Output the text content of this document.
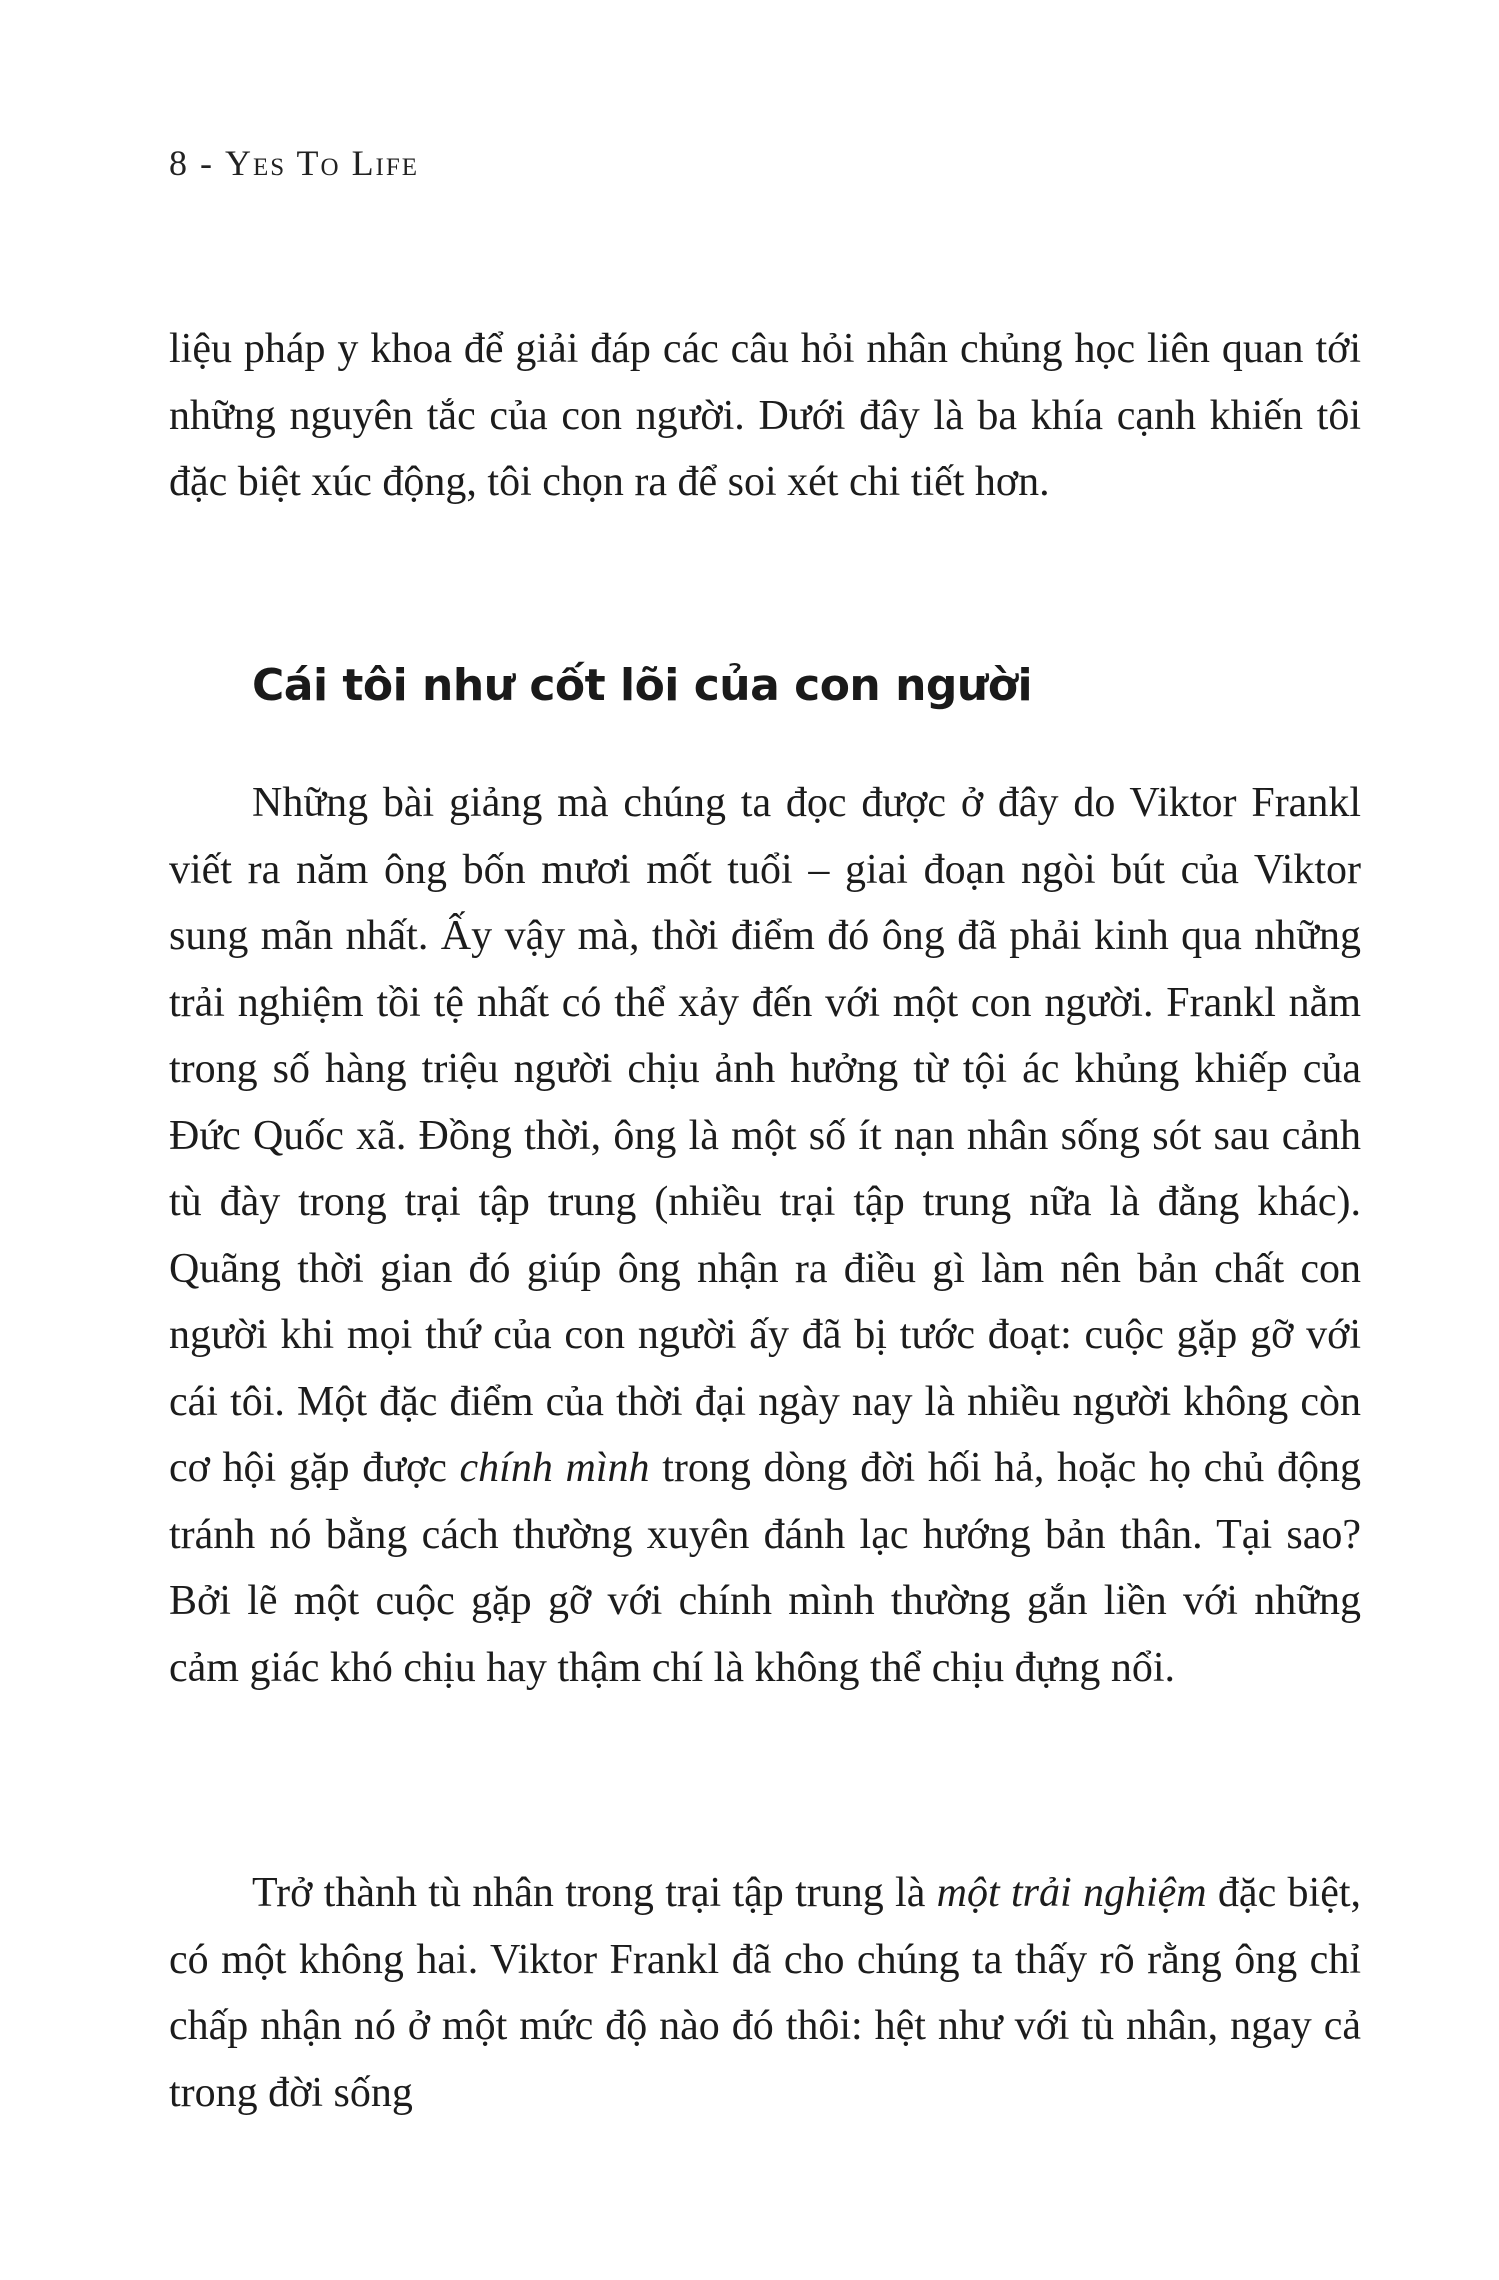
8 - Yes To Life

liệu pháp y khoa để giải đáp các câu hỏi nhân chủng học liên quan tới những nguyên tắc của con người. Dưới đây là ba khía cạnh khiến tôi đặc biệt xúc động, tôi chọn ra để soi xét chi tiết hơn.

Cái tôi như cốt lõi của con người

Những bài giảng mà chúng ta đọc được ở đây do Viktor Frankl viết ra năm ông bốn mươi mốt tuổi – giai đoạn ngòi bút của Viktor sung mãn nhất. Ấy vậy mà, thời điểm đó ông đã phải kinh qua những trải nghiệm tồi tệ nhất có thể xảy đến với một con người. Frankl nằm trong số hàng triệu người chịu ảnh hưởng từ tội ác khủng khiếp của Đức Quốc xã. Đồng thời, ông là một số ít nạn nhân sống sót sau cảnh tù đày trong trại tập trung (nhiều trại tập trung nữa là đằng khác). Quãng thời gian đó giúp ông nhận ra điều gì làm nên bản chất con người khi mọi thứ của con người ấy đã bị tước đoạt: cuộc gặp gỡ với cái tôi. Một đặc điểm của thời đại ngày nay là nhiều người không còn cơ hội gặp được chính mình trong dòng đời hối hả, hoặc họ chủ động tránh nó bằng cách thường xuyên đánh lạc hướng bản thân. Tại sao? Bởi lẽ một cuộc gặp gỡ với chính mình thường gắn liền với những cảm giác khó chịu hay thậm chí là không thể chịu đựng nổi.

Trở thành tù nhân trong trại tập trung là một trải nghiệm đặc biệt, có một không hai. Viktor Frankl đã cho chúng ta thấy rõ rằng ông chỉ chấp nhận nó ở một mức độ nào đó thôi: hệt như với tù nhân, ngay cả trong đời sống
